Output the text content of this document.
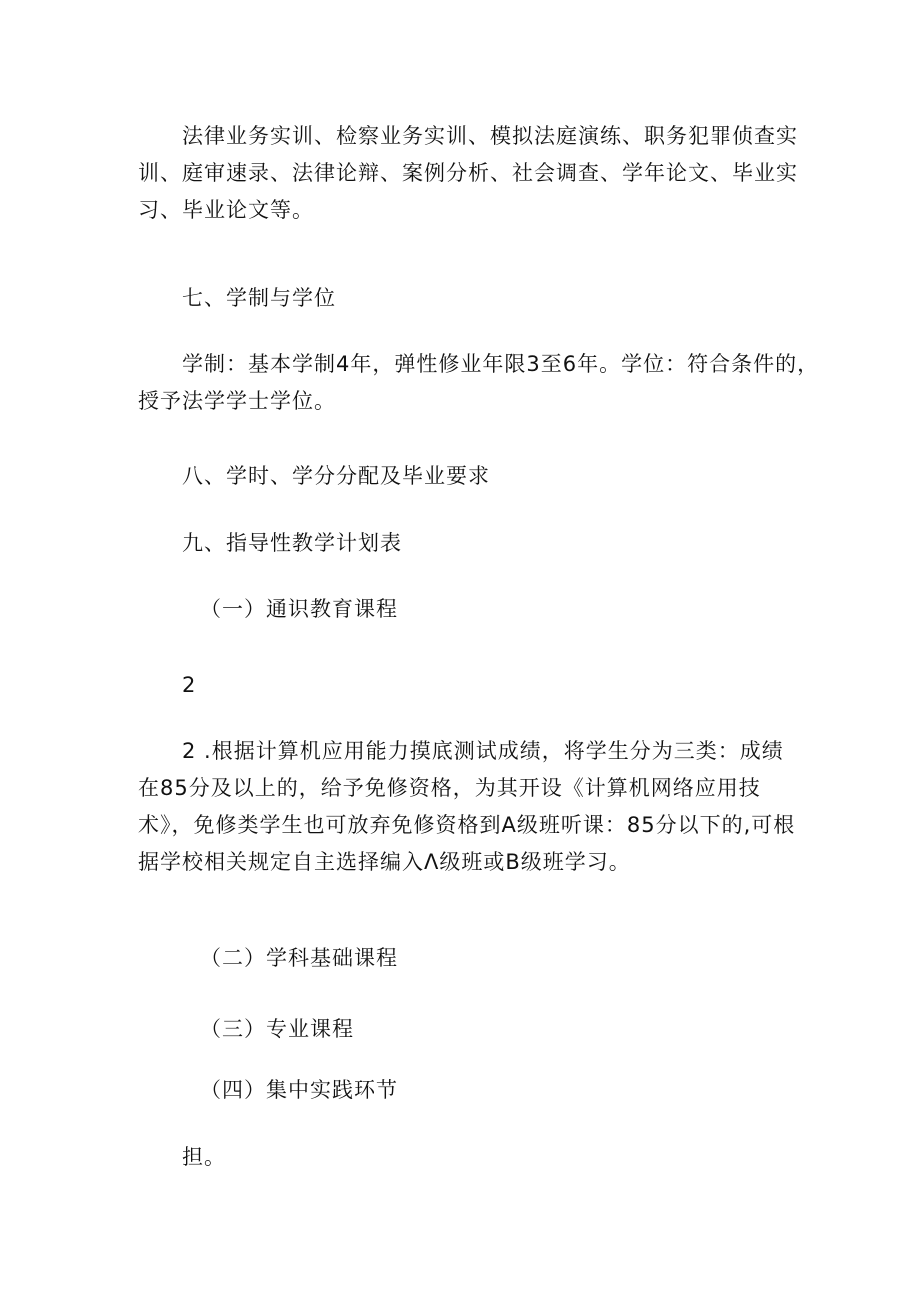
法律业务实训、检察业务实训、模拟法庭演练、职务犯罪侦查实
训、庭审速录、法律论辩、案例分析、社会调查、学年论文、毕业实
习、毕业论文等。
七、学制与学位
学制：基本学制4年，弹性修业年限3至6年。学位：符合条件的，
授予法学学士学位。
八、学时、学分分配及毕业要求
九、指导性教学计划表
（一）通识教育课程
2
2 .根据计算机应用能力摸底测试成绩，将学生分为三类：成绩
在85分及以上的，给予免修资格，为其开设《计算机网络应用技
术》，免修类学生也可放弃免修资格到A级班听课：85分以下的,可根
据学校相关规定自主选择编入Λ级班或B级班学习。
（二）学科基础课程
（三）专业课程
（四）集中实践环节
担。
